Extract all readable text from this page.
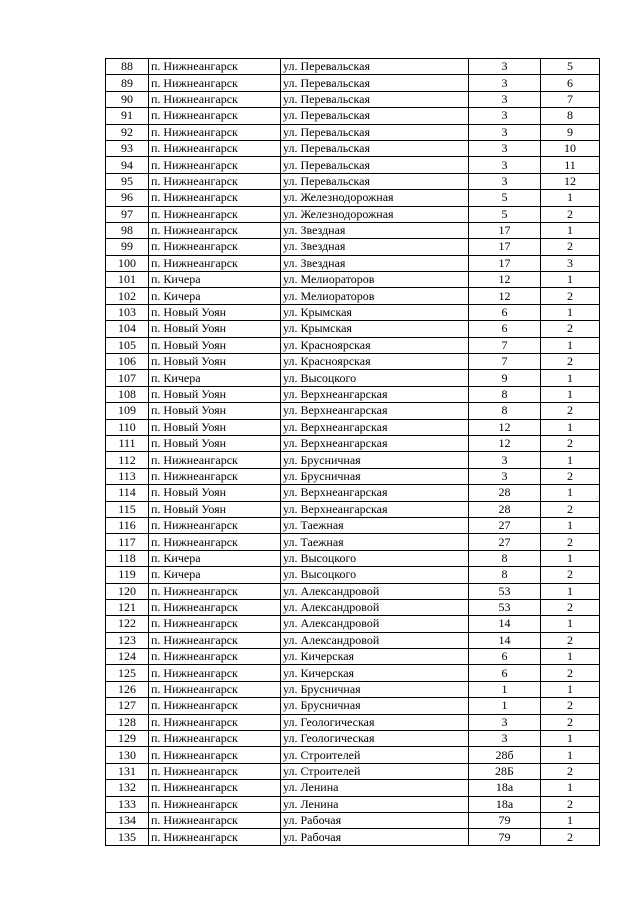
88	п. Нижнеангарск	ул. Перевальская	3	5
89	п. Нижнеангарск	ул. Перевальская	3	6
90	п. Нижнеангарск	ул. Перевальская	3	7
91	п. Нижнеангарск	ул. Перевальская	3	8
92	п. Нижнеангарск	ул. Перевальская	3	9
93	п. Нижнеангарск	ул. Перевальская	3	10
94	п. Нижнеангарск	ул. Перевальская	3	11
95	п. Нижнеангарск	ул. Перевальская	3	12
96	п. Нижнеангарск	ул. Железнодорожная	5	1
97	п. Нижнеангарск	ул. Железнодорожная	5	2
98	п. Нижнеангарск	ул. Звездная	17	1
99	п. Нижнеангарск	ул. Звездная	17	2
100	п. Нижнеангарск	ул. Звездная	17	3
101	п. Кичера	ул. Мелиораторов	12	1
102	п. Кичера	ул. Мелиораторов	12	2
103	п. Новый Уоян	ул. Крымская	6	1
104	п. Новый Уоян	ул. Крымская	6	2
105	п. Новый Уоян	ул. Красноярская	7	1
106	п. Новый Уоян	ул. Красноярская	7	2
107	п. Кичера	ул. Высоцкого	9	1
108	п. Новый Уоян	ул. Верхнеангарская	8	1
109	п. Новый Уоян	ул. Верхнеангарская	8	2
110	п. Новый Уоян	ул. Верхнеангарская	12	1
111	п. Новый Уоян	ул. Верхнеангарская	12	2
112	п. Нижнеангарск	ул. Брусничная	3	1
113	п. Нижнеангарск	ул. Брусничная	3	2
114	п. Новый Уоян	ул. Верхнеангарская	28	1
115	п. Новый Уоян	ул. Верхнеангарская	28	2
116	п. Нижнеангарск	ул. Таежная	27	1
117	п. Нижнеангарск	ул. Таежная	27	2
118	п. Кичера	ул. Высоцкого	8	1
119	п. Кичера	ул. Высоцкого	8	2
120	п. Нижнеангарск	ул. Александровой	53	1
121	п. Нижнеангарск	ул. Александровой	53	2
122	п. Нижнеангарск	ул. Александровой	14	1
123	п. Нижнеангарск	ул. Александровой	14	2
124	п. Нижнеангарск	ул. Кичерская	6	1
125	п. Нижнеангарск	ул. Кичерская	6	2
126	п. Нижнеангарск	ул. Брусничная	1	1
127	п. Нижнеангарск	ул. Брусничная	1	2
128	п. Нижнеангарск	ул. Геологическая	3	2
129	п. Нижнеангарск	ул. Геологическая	3	1
130	п. Нижнеангарск	ул. Строителей	28б	1
131	п. Нижнеангарск	ул. Строителей	28Б	2
132	п. Нижнеангарск	ул. Ленина	18а	1
133	п. Нижнеангарск	ул. Ленина	18а	2
134	п. Нижнеангарск	ул. Рабочая	79	1
135	п. Нижнеангарск	ул. Рабочая	79	2
